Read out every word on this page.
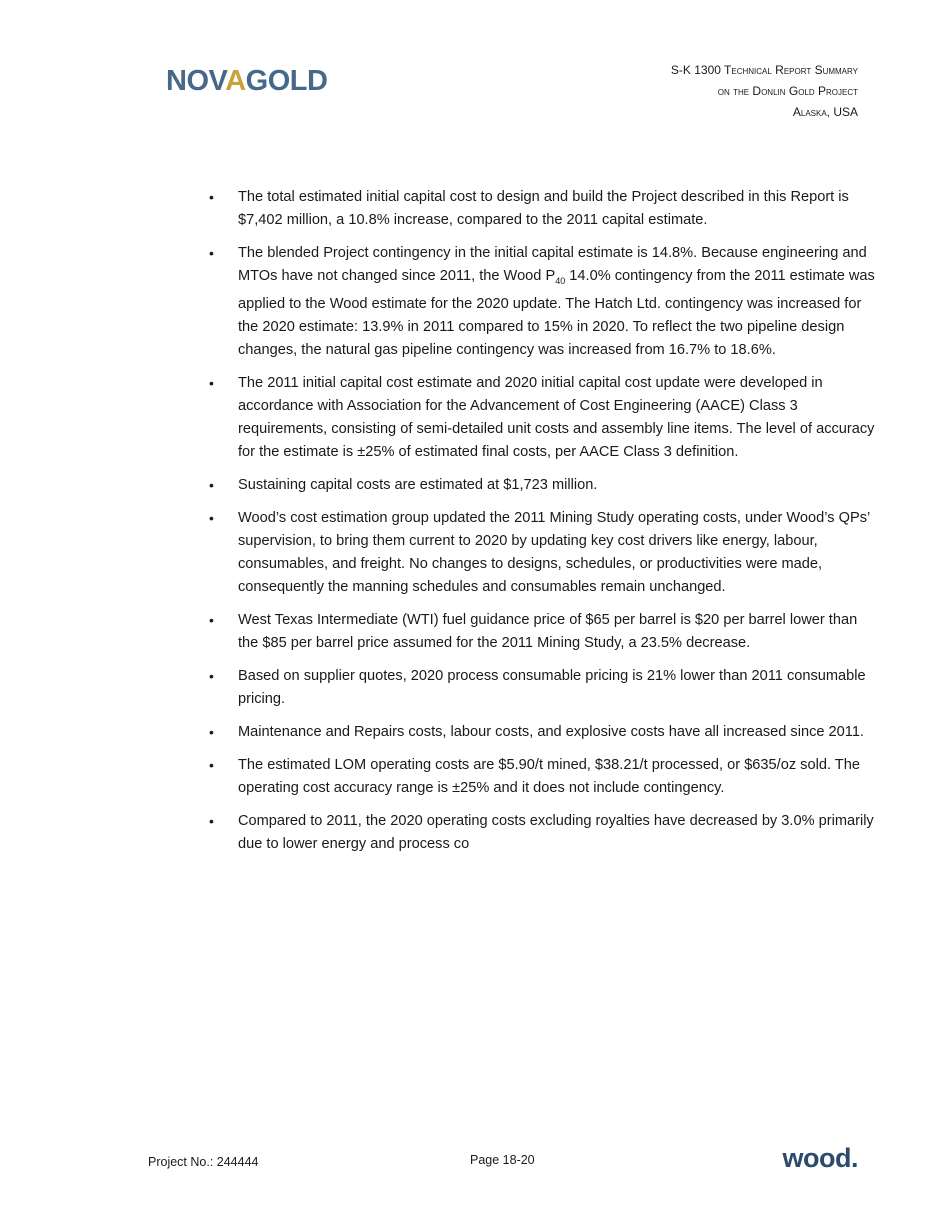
NOVAGOLD	S-K 1300 Technical Report Summary
on the Donlin Gold Project
Alaska, USA
• The total estimated initial capital cost to design and build the Project described in this Report is $7,402 million, a 10.8% increase, compared to the 2011 capital estimate.
• The blended Project contingency in the initial capital estimate is 14.8%. Because engineering and MTOs have not changed since 2011, the Wood $P_{40}$ 14.0% contingency from the 2011 estimate was applied to the Wood estimate for the 2020 update. The Hatch Ltd. contingency was increased for the 2020 estimate: 13.9% in 2011 compared to 15% in 2020. To reflect the two pipeline design changes, the natural gas pipeline contingency was increased from 16.7% to 18.6%.
• The 2011 initial capital cost estimate and 2020 initial capital cost update were developed in accordance with Association for the Advancement of Cost Engineering (AACE) Class 3 requirements, consisting of semi-detailed unit costs and assembly line items. The level of accuracy for the estimate is ±25% of estimated final costs, per AACE Class 3 definition.
• Sustaining capital costs are estimated at $1,723 million.
• Wood’s cost estimation group updated the 2011 Mining Study operating costs, under Wood’s QPs’ supervision, to bring them current to 2020 by updating key cost drivers like energy, labour, consumables, and freight. No changes to designs, schedules, or productivities were made, consequently the manning schedules and consumables remain unchanged.
• West Texas Intermediate (WTI) fuel guidance price of $65 per barrel is $20 per barrel lower than the $85 per barrel price assumed for the 2011 Mining Study, a 23.5% decrease.
• Based on supplier quotes, 2020 process consumable pricing is 21% lower than 2011 consumable pricing.
• Maintenance and Repairs costs, labour costs, and explosive costs have all increased since 2011.
• The estimated LOM operating costs are $5.90/t mined, $38.21/t processed, or $635/oz sold. The operating cost accuracy range is ±25% and it does not include contingency.
• Compared to 2011, the 2020 operating costs excluding royalties have decreased by 3.0% primarily due to lower energy and process co
Project No.: 244444	Page 18-20	wood.
